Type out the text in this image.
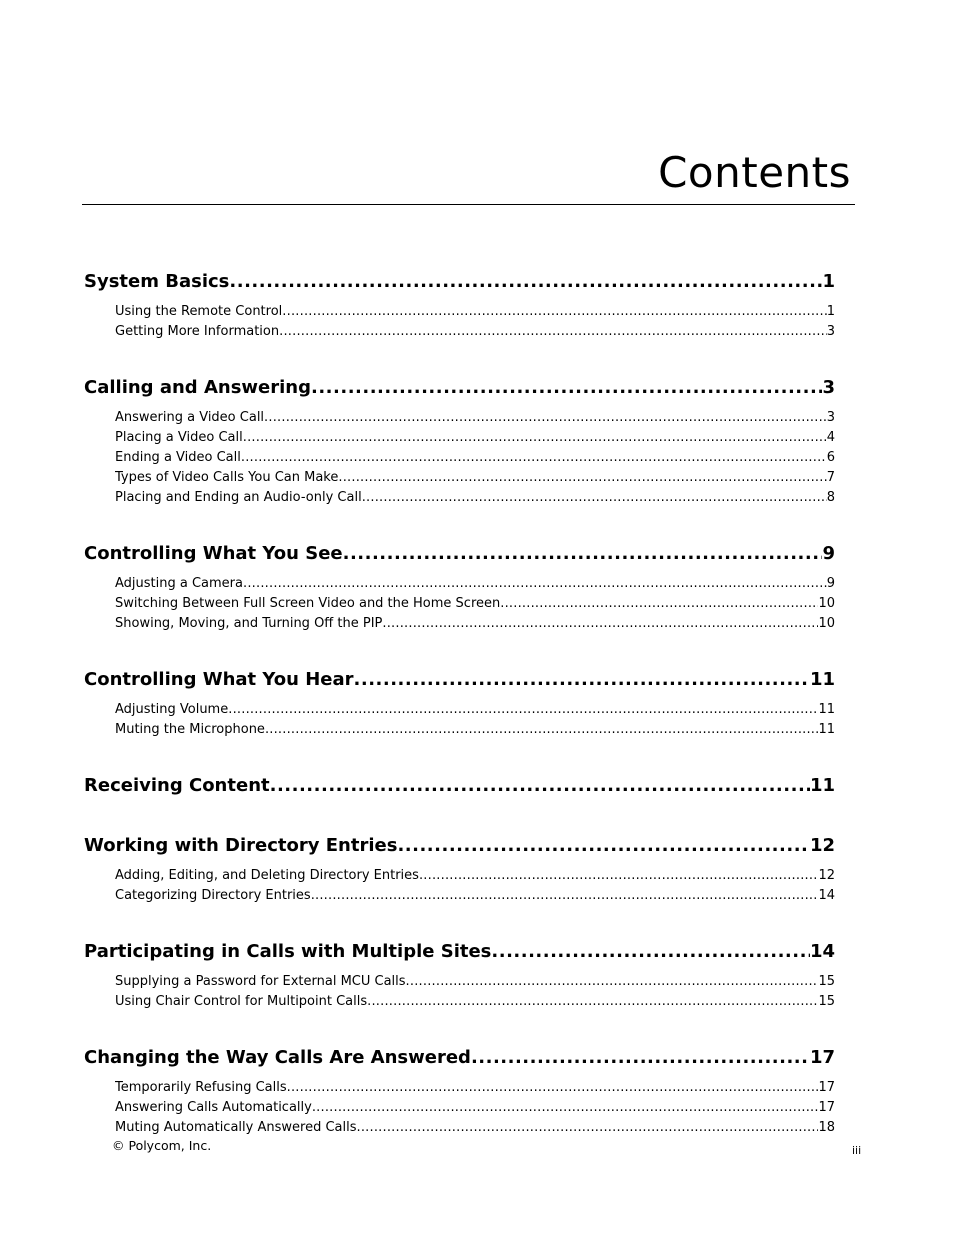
Contents
System Basics .....	1
Using the Remote Control .....	1
Getting More Information .....	3
Calling and Answering .....	3
Answering a Video Call .....	3
Placing a Video Call .....	4
Ending a Video Call .....	6
Types of Video Calls You Can Make .....	7
Placing and Ending an Audio-only Call .....	8
Controlling What You See .....	9
Adjusting a Camera .....	9
Switching Between Full Screen Video and the Home Screen .....	10
Showing, Moving, and Turning Off the PIP .....	10
Controlling What You Hear .....	11
Adjusting Volume .....	11
Muting the Microphone .....	11
Receiving Content .....	11
Working with Directory Entries .....	12
Adding, Editing, and Deleting Directory Entries .....	12
Categorizing Directory Entries .....	14
Participating in Calls with Multiple Sites .....	14
Supplying a Password for External MCU Calls .....	15
Using Chair Control for Multipoint Calls .....	15
Changing the Way Calls Are Answered .....	17
Temporarily Refusing Calls .....	17
Answering Calls Automatically .....	17
Muting Automatically Answered Calls .....	18
© Polycom, Inc.	iii
